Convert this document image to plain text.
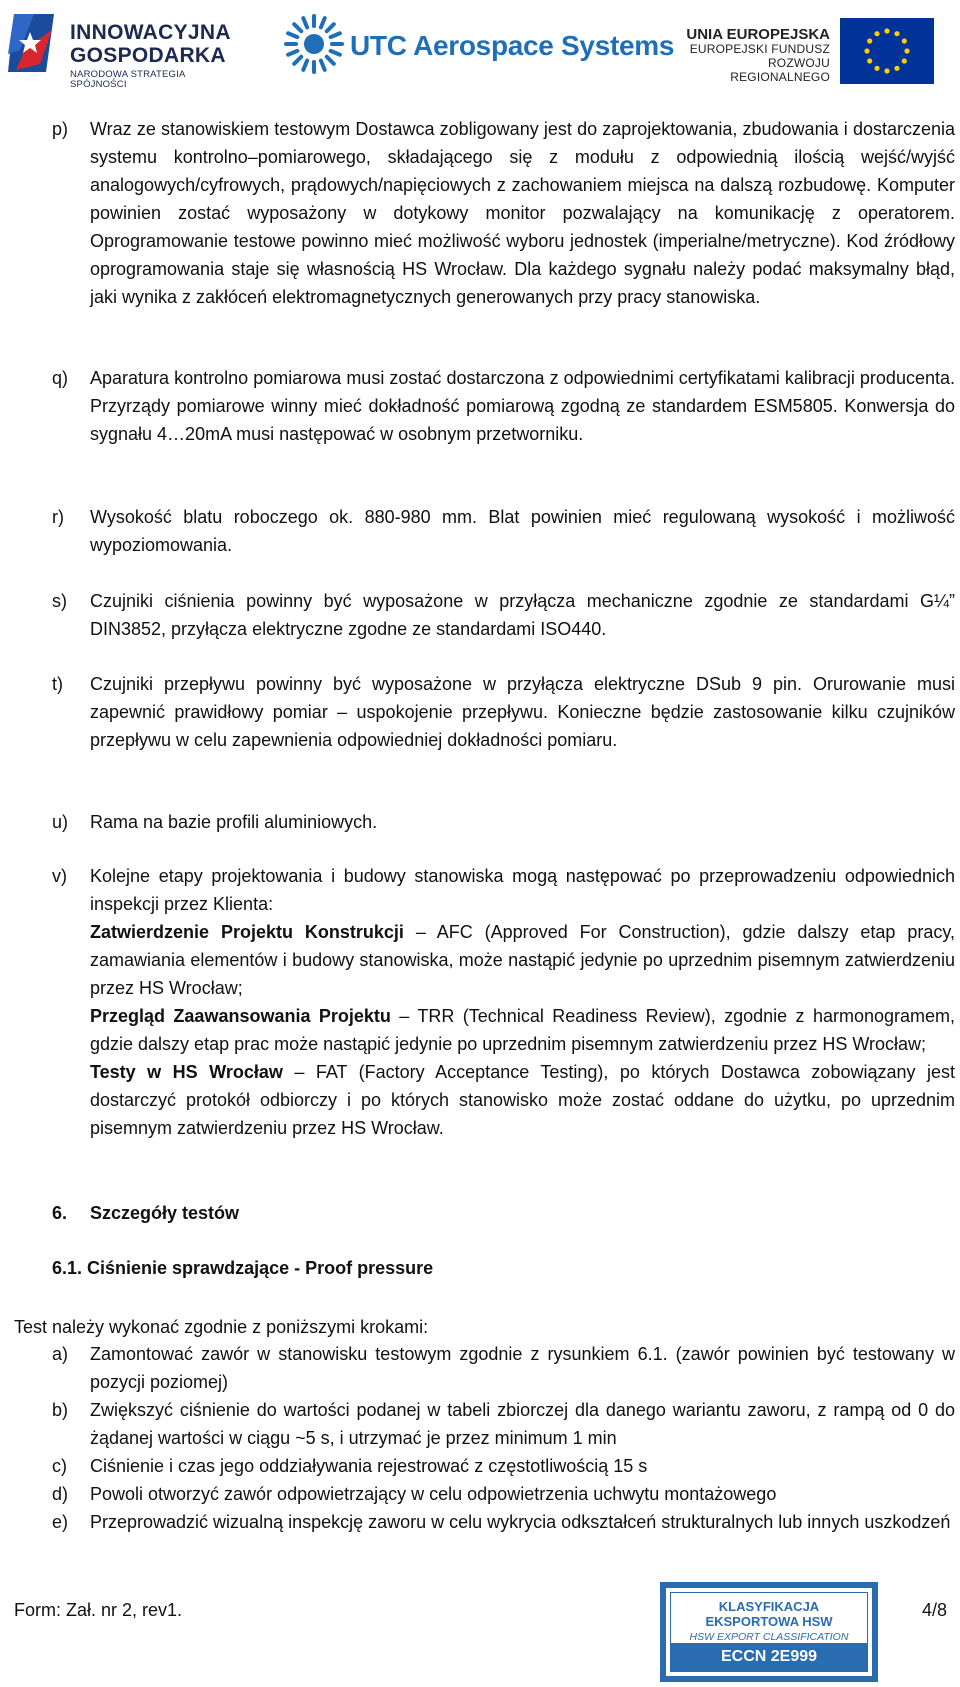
INNOWACYJNA
GOSPODARKA
NARODOWA STRATEGIA SPÓJNOŚCI
UTC Aerospace Systems UNIA EUROPEJSKA
EUROPEJSKI FUNDUSZ
ROZWOJU REGIONALNEGO
p)	Wraz ze stanowiskiem testowym Dostawca zobligowany jest do zaprojektowania, zbudowania i dostarczenia systemu kontrolno–pomiarowego, składającego się z modułu z odpowiednią ilością wejść/wyjść analogowych/cyfrowych, prądowych/napięciowych z zachowaniem miejsca na dalszą rozbudowę. Komputer powinien zostać wyposażony w dotykowy monitor pozwalający na komunikację z operatorem. Oprogramowanie testowe powinno mieć możliwość wyboru jednostek (imperialne/metryczne). Kod źródłowy oprogramowania staje się własnością HS Wrocław. Dla każdego sygnału należy podać maksymalny błąd, jaki wynika z zakłóceń elektromagnetycznych generowanych przy pracy stanowiska.
q)	Aparatura kontrolno pomiarowa musi zostać dostarczona z odpowiednimi certyfikatami kalibracji producenta. Przyrządy pomiarowe winny mieć dokładność pomiarową zgodną ze standardem ESM5805. Konwersja do sygnału 4…20mA musi następować w osobnym przetworniku.
r)	Wysokość blatu roboczego ok. 880-980 mm. Blat powinien mieć regulowaną wysokość i możliwość wypoziomowania.
s)	Czujniki ciśnienia powinny być wyposażone w przyłącza mechaniczne zgodnie ze standardami G¼” DIN3852, przyłącza elektryczne zgodne ze standardami ISO440.
t)	Czujniki przepływu powinny być wyposażone w przyłącza elektryczne DSub 9 pin. Orurowanie musi zapewnić prawidłowy pomiar – uspokojenie przepływu. Konieczne będzie zastosowanie kilku czujników przepływu w celu zapewnienia odpowiedniej dokładności pomiaru.
u)	Rama na bazie profili aluminiowych.
v)	Kolejne etapy projektowania i budowy stanowiska mogą następować po przeprowadzeniu odpowiednich inspekcji przez Klienta:
Zatwierdzenie Projektu Konstrukcji – AFC (Approved For Construction), gdzie dalszy etap pracy, zamawiania elementów i budowy stanowiska, może nastąpić jedynie po uprzednim pisemnym zatwierdzeniu przez HS Wrocław;
Przegląd Zaawansowania Projektu – TRR (Technical Readiness Review), zgodnie z harmonogramem, gdzie dalszy etap prac może nastąpić jedynie po uprzednim pisemnym zatwierdzeniu przez HS Wrocław;
Testy w HS Wrocław – FAT (Factory Acceptance Testing), po których Dostawca zobowiązany jest dostarczyć protokół odbiorczy i po których stanowisko może zostać oddane do użytku, po uprzednim pisemnym zatwierdzeniu przez HS Wrocław.
6. Szczegóły testów
6.1. Ciśnienie sprawdzające - Proof pressure
Test należy wykonać zgodnie z poniższymi krokami:
a)	Zamontować zawór w stanowisku testowym zgodnie z rysunkiem 6.1. (zawór powinien być testowany w pozycji poziomej)
b)	Zwiększyć ciśnienie do wartości podanej w tabeli zbiorczej dla danego wariantu zaworu, z rampą od 0 do żądanej wartości w ciągu ~5 s, i utrzymać je przez minimum 1 min
c)	Ciśnienie i czas jego oddziaływania rejestrować z częstotliwością 15 s
d)	Powoli otworzyć zawór odpowietrzający w celu odpowietrzenia uchwytu montażowego
e)	Przeprowadzić wizualną inspekcję zaworu w celu wykrycia odkształceń strukturalnych lub innych uszkodzeń
Form: Zał. nr 2, rev1.	KLASYFIKACJA
EKSPORTOWA HSW
HSW EXPORT CLASSIFICATION
ECCN 2E999
4/8
